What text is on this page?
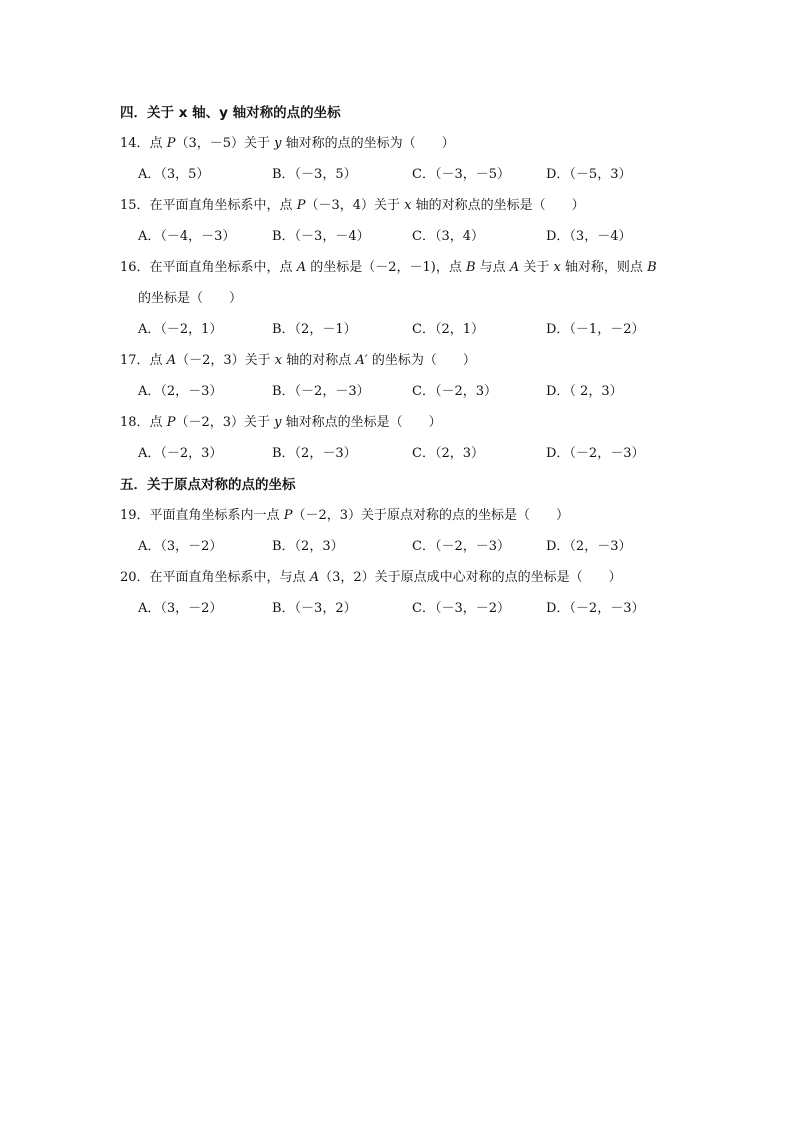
四．关于 x 轴、y 轴对称的点的坐标
14．点 P（3，－5）关于 y 轴对称的点的坐标为（　　）
A．（3，5）	B．（－3，5）	C．（－3，－5）	D．（－5，3）
15．在平面直角坐标系中，点 P（－3，4）关于 x 轴的对称点的坐标是（　　）
A．（－4，－3）	B．（－3，－4）	C．（3，4）	D．（3，－4）
16．在平面直角坐标系中，点 A 的坐标是（－2，－1)，点 B 与点 A 关于 x 轴对称，则点 B
的坐标是（　　）
A．（－2，1）	B．（2，－1）	C．（2，1）	D．（－1，－2）
17．点 A（－2，3）关于 x 轴的对称点 A′ 的坐标为（　　）
A．（2，－3）	B．（－2，－3）	C．（－2，3）	D．（ 2，3）
18．点 P（－2，3）关于 y 轴对称点的坐标是（　　）
A．（－2，3）	B．（2，－3）	C．（2，3）	D．（－2，－3）
五．关于原点对称的点的坐标
19．平面直角坐标系内一点 P（－2，3）关于原点对称的点的坐标是（　　）
A．（3，－2）	B．（2，3）	C．（－2，－3）	D．（2，－3）
20．在平面直角坐标系中，与点 A（3，2）关于原点成中心对称的点的坐标是（　　）
A．（3，－2）	B．（－3，2）	C．（－3，－2）	D．（－2，－3）
